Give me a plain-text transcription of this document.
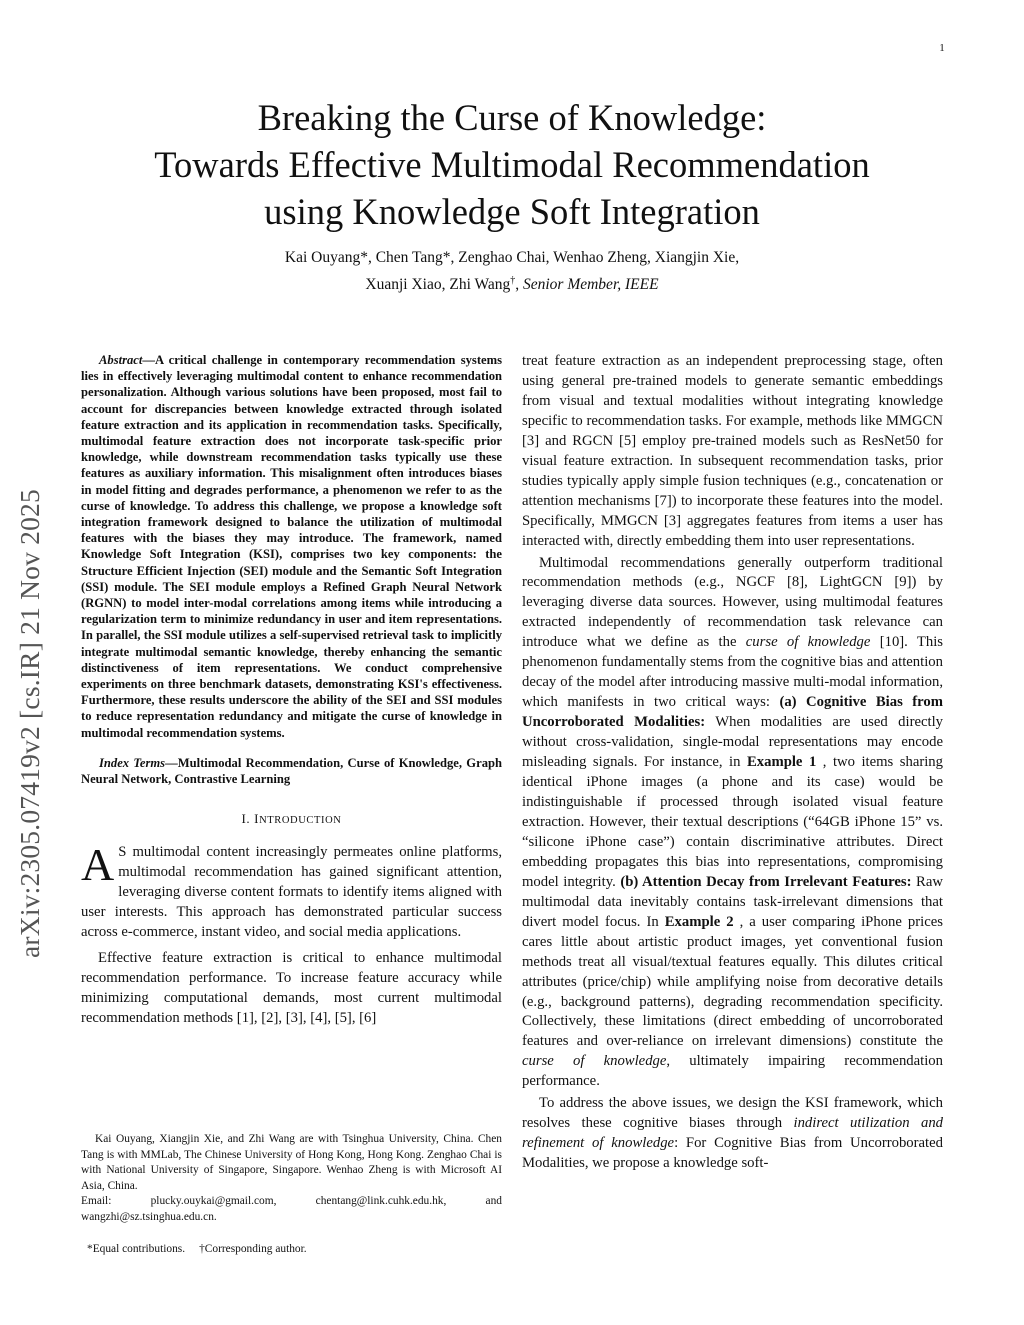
1
arXiv:2305.07419v2 [cs.IR] 21 Nov 2025
Breaking the Curse of Knowledge:
Towards Effective Multimodal Recommendation
using Knowledge Soft Integration
Kai Ouyang*, Chen Tang*, Zenghao Chai, Wenhao Zheng, Xiangjin Xie,
Xuanji Xiao, Zhi Wang†, Senior Member, IEEE

Abstract—A critical challenge in contemporary recommendation systems lies in effectively leveraging multimodal content to enhance recommendation personalization. Although various solutions have been proposed, most fail to account for discrepancies between knowledge extracted through isolated feature extraction and its application in recommendation tasks. Specifically, multimodal feature extraction does not incorporate task-specific prior knowledge, while downstream recommendation tasks typically use these features as auxiliary information. This misalignment often introduces biases in model fitting and degrades performance, a phenomenon we refer to as the curse of knowledge. To address this challenge, we propose a knowledge soft integration framework designed to balance the utilization of multimodal features with the biases they may introduce. The framework, named Knowledge Soft Integration (KSI), comprises two key components: the Structure Efficient Injection (SEI) module and the Semantic Soft Integration (SSI) module. The SEI module employs a Refined Graph Neural Network (RGNN) to model inter-modal correlations among items while introducing a regularization term to minimize redundancy in user and item representations. In parallel, the SSI module utilizes a self-supervised retrieval task to implicitly integrate multimodal semantic knowledge, thereby enhancing the semantic distinctiveness of item representations. We conduct comprehensive experiments on three benchmark datasets, demonstrating KSI's effectiveness. Furthermore, these results underscore the ability of the SEI and SSI modules to reduce representation redundancy and mitigate the curse of knowledge in multimodal recommendation systems.

Index Terms—Multimodal Recommendation, Curse of Knowledge, Graph Neural Network, Contrastive Learning

I. INTRODUCTION

A S multimodal content increasingly permeates online platforms, multimodal recommendation has gained significant attention, leveraging diverse content formats to identify items aligned with user interests. This approach has demonstrated particular success across e-commerce, instant video, and social media applications.

Effective feature extraction is critical to enhance multimodal recommendation performance. To increase feature accuracy while minimizing computational demands, most current multimodal recommendation methods [1], [2], [3], [4], [5], [6]

Kai Ouyang, Xiangjin Xie, and Zhi Wang are with Tsinghua University, China. Chen Tang is with MMLab, The Chinese University of Hong Kong, Hong Kong. Zenghao Chai is with National University of Singapore, Singapore. Wenhao Zheng is with Microsoft AI Asia, China.

Email:	plucky.ouykai@gmail.com, chentang@link.cuhk.edu.hk, and wangzhi@sz.tsinghua.edu.cn.

*Equal contributions. †Corresponding author.

treat feature extraction as an independent preprocessing stage, often using general pre-trained models to generate semantic embeddings from visual and textual modalities without integrating knowledge specific to recommendation tasks. For example, methods like MMGCN [3] and RGCN [5] employ pre-trained models such as ResNet50 for visual feature extraction. In subsequent recommendation tasks, prior studies typically apply simple fusion techniques (e.g., concatenation or attention mechanisms [7]) to incorporate these features into the model. Specifically, MMGCN [3] aggregates features from items a user has interacted with, directly embedding them into user representations.

Multimodal recommendations generally outperform traditional recommendation methods (e.g., NGCF [8], LightGCN [9]) by leveraging diverse data sources. However, using multimodal features extracted independently of recommendation task relevance can introduce what we define as the curse of knowledge [10]. This phenomenon fundamentally stems from the cognitive bias and attention decay of the model after introducing massive multi-modal information, which manifests in two critical ways: (a) Cognitive Bias from Uncorroborated Modalities: When modalities are used directly without cross-validation, single-modal representations may encode misleading signals. For instance, in Example 1 , two items sharing identical iPhone images (a phone and its case) would be indistinguishable if processed through isolated visual feature extraction. However, their textual descriptions (“64GB iPhone 15” vs. “silicone iPhone case”) contain discriminative attributes. Direct embedding propagates this bias into representations, compromising model integrity. (b) Attention Decay from Irrelevant Features: Raw multimodal data inevitably contains task-irrelevant dimensions that divert model focus. In Example 2 , a user comparing iPhone prices cares little about artistic product images, yet conventional fusion methods treat all visual/textual features equally. This dilutes critical attributes (price/chip) while amplifying noise from decorative details (e.g., background patterns), degrading recommendation specificity. Collectively, these limitations (direct embedding of uncorroborated features and over-reliance on irrelevant dimensions) constitute the curse of knowledge, ultimately impairing recommendation performance.

To address the above issues, we design the KSI framework, which resolves these cognitive biases through indirect utilization and refinement of knowledge: For Cognitive Bias from Uncorroborated Modalities, we propose a knowledge soft-
